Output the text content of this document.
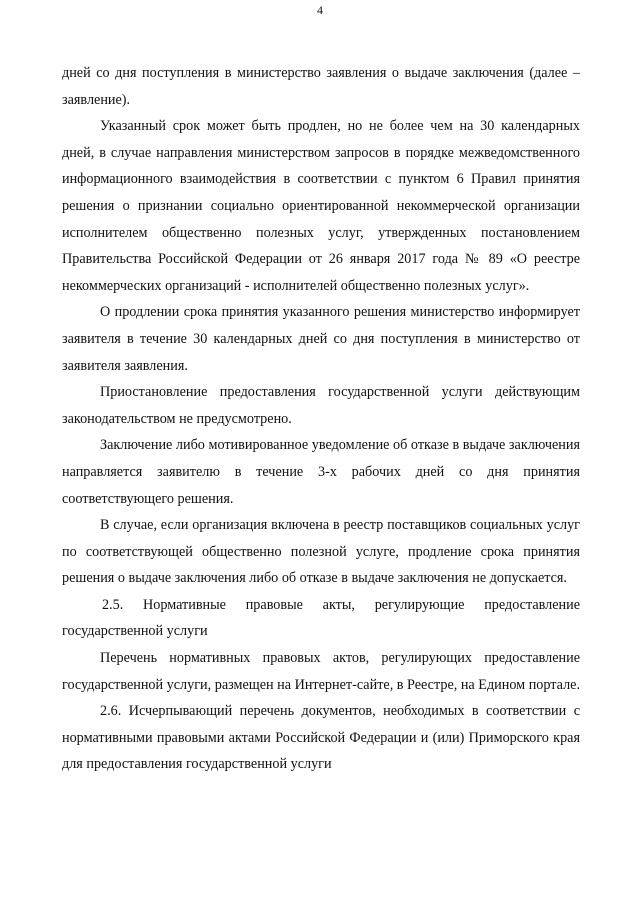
4

дней со дня поступления в министерство заявления о выдаче заключения (далее – заявление).

Указанный срок может быть продлен, но не более чем на 30 календарных дней, в случае направления министерством запросов в порядке межведомственного информационного взаимодействия в соответствии с пунктом 6 Правил принятия решения о признании социально ориентированной некоммерческой организации исполнителем общественно полезных услуг, утвержденных постановлением Правительства Российской Федерации от 26 января 2017 года № 89 «О реестре некоммерческих организаций - исполнителей общественно полезных услуг».

О продлении срока принятия указанного решения министерство информирует заявителя в течение 30 календарных дней со дня поступления в министерство от заявителя заявления.

Приостановление предоставления государственной услуги действующим законодательством не предусмотрено.

Заключение либо мотивированное уведомление об отказе в выдаче заключения направляется заявителю в течение 3-х рабочих дней со дня принятия соответствующего решения.

В случае, если организация включена в реестр поставщиков социальных услуг по соответствующей общественно полезной услуге, продление срока принятия решения о выдаче заключения либо об отказе в выдаче заключения не допускается.

2.5. Нормативные правовые акты, регулирующие предоставление государственной услуги

Перечень нормативных правовых актов, регулирующих предоставление государственной услуги, размещен на Интернет-сайте, в Реестре, на Едином портале.

2.6. Исчерпывающий перечень документов, необходимых в соответствии с нормативными правовыми актами Российской Федерации и (или) Приморского края для предоставления государственной услуги
